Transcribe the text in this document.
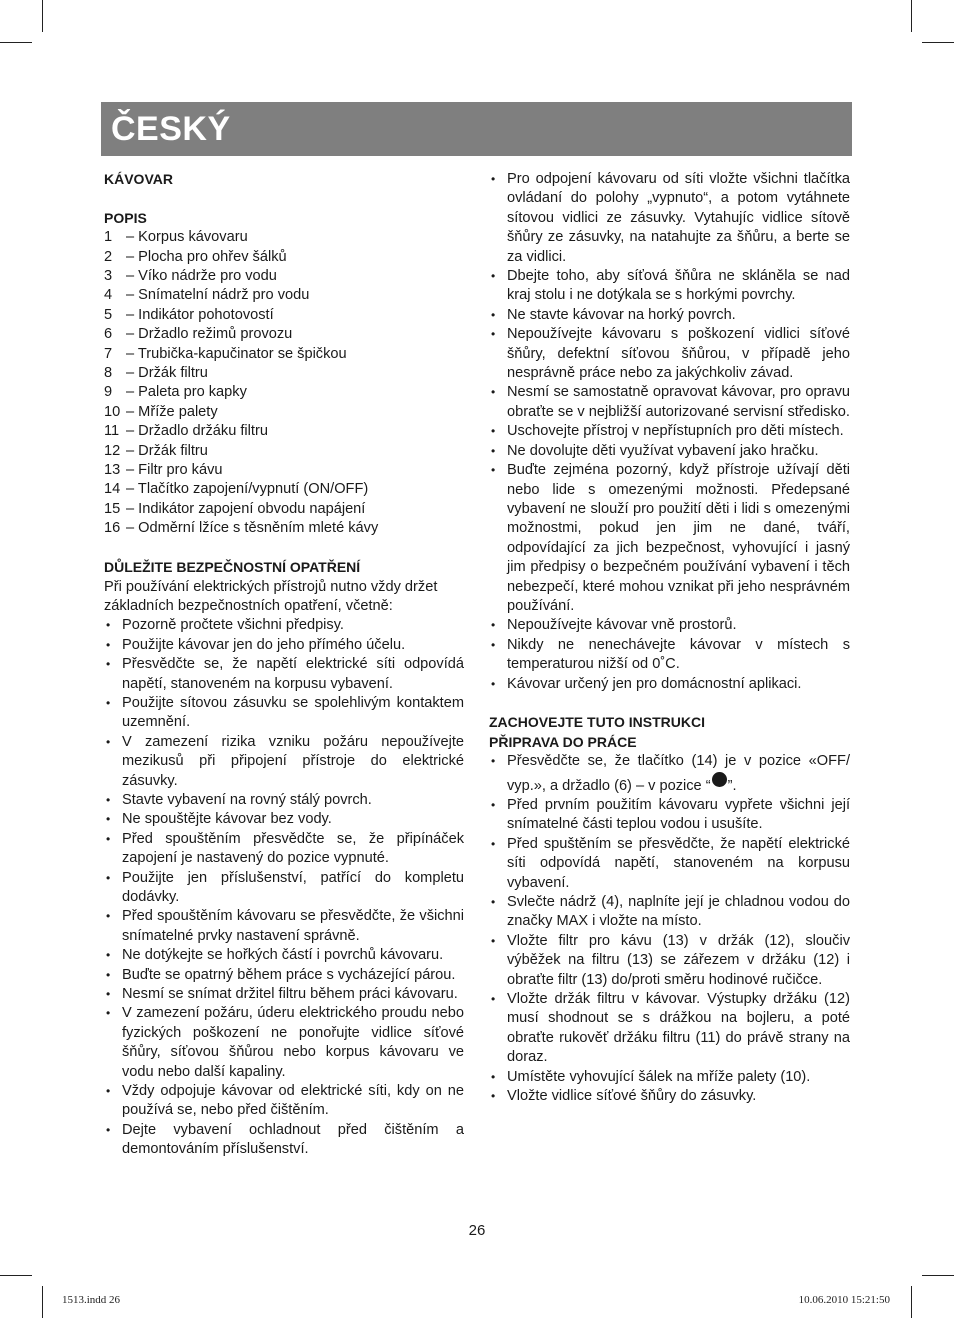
ČESKÝ

KÁVOVAR

POPIS

1 – Korpus kávovaru
2 – Plocha pro ohřev šálků
3 – Víko nádrže pro vodu
4 – Snímatelní nádrž pro vodu
5 – Indikátor pohotovostí
6 – Držadlo režimů provozu
7 – Trubička-kapučinator se špičkou
8 – Držák filtru
9 – Paleta pro kapky
10 – Mříže palety
11 – Držadlo držáku filtru
12 – Držák filtru
13 – Filtr pro kávu
14 – Tlačítko zapojení/vypnutí (ON/OFF)
15 – Indikátor zapojení obvodu napájení
16 – Odměrní lžíce s těsněním mleté kávy

DŮLEŽITE BEZPEČNOSTNÍ OPATŘENÍ

Při používání elektrických přístrojů nutno vždy držet základních bezpečnostních opatření, včetně:

• Pozorně pročtete všichni předpisy.
• Použijte kávovar jen do jeho přímého účelu.
• Přesvědčte se, že napětí elektrické síti odpovídá napětí, stanoveném na korpusu vybavení.
• Použijte sítovou zásuvku se spolehlivým kontaktem uzemnění.
• V zamezení rizika vzniku požáru nepoužívejte mezikusů při připojení přístroje do elektrické zásuvky.
• Stavte vybavení na rovný stálý povrch.
• Ne spouštějte kávovar bez vody.
• Před spouštěním přesvědčte se, že připínáček zapojení je nastavený do pozice vypnuté.
• Použijte jen příslušenství, patřící do kompletu dodávky.
• Před spouštěním kávovaru se přesvědčte, že všichni snímatelné prvky nastavení správně.
• Ne dotýkejte se hořkých částí i povrchů kávovaru.
• Buďte se opatrný během práce s vycházející párou.
• Nesmí se snímat držitel filtru během práci kávovaru.
• V zamezení požáru, úderu elektrického proudu nebo fyzických poškození ne ponořujte vidlice síťové šňůry, síťovou šňůrou nebo korpus kávovaru ve vodu nebo další kapaliny.
• Vždy odpojuje kávovar od elektrické síti, kdy on ne používá se, nebo před čištěním.
• Dejte vybavení ochladnout před čištěním a demontováním příslušenství.
• Pro odpojení kávovaru od síti vložte všichni tlačítka ovládaní do polohy „vypnuto“, a potom vytáhnete sítovou vidlici ze zásuvky. Vytahujíc vidlice sítově šňůry ze zásuvky, na natahujte za šňůru, a berte se za vidlici.
• Dbejte toho, aby síťová šňůra ne skláněla se nad kraj stolu i ne dotýkala se s horkými povrchy.
• Ne stavte kávovar na horký povrch.
• Nepoužívejte kávovaru s poškození vidlici síťové šňůry, defektní síťovou šňůrou, v případě jeho nesprávně práce nebo za jakýchkoliv závad.
• Nesmí se samostatně opravovat kávovar, pro opravu obraťte se v nejbližší autorizované servisní středisko.
• Uschovejte přístroj v nepřístupních pro děti místech.
• Ne dovolujte děti využívat vybavení jako hračku.
• Buďte zejména pozorný, když přístroje užívají děti nebo lide s omezenými možnosti. Předepsané vybavení ne slouží pro použití děti i lidi s omezenými možnostmi, pokud jen jim ne dané, tváří, odpovídající za jich bezpečnost, vyhovující i jasný jim předpisy o bezpečném používání vybavení i těch nebezpečí, které mohou vznikat při jeho nesprávném používání.
• Nepoužívejte kávovar vně prostorů.
• Nikdy ne nenechávejte kávovar v místech s temperaturou nižší od 0˚C.
• Kávovar určený jen pro domácnostní aplikaci.

ZACHOVEJTE TUTO INSTRUKCI

PŘIPRAVA DO PRÁCE

• Přesvědčte se, že tlačítko (14) je v pozice «OFF/ vyp.», a držadlo (6) – v pozice “ ”.
• Před prvním použitím kávovaru vypřete všichni její snímatelné části teplou vodou i usušíte.
• Před spuštěním se přesvědčte, že napětí elektrické síti odpovídá napětí, stanoveném na korpusu vybavení.
• Svlečte nádrž (4), naplníte její je chladnou vodou do značky MAX i vložte na místo.
• Vložte filtr pro kávu (13) v držák (12), sloučiv výběžek na filtru (13) se zářezem v držáku (12) i obraťte filtr (13) do/proti směru hodinové ručičce.
• Vložte držák filtru v kávovar. Výstupky držáku (12) musí shodnout se s drážkou na bojleru, a poté obraťte rukověť držáku filtru (11) do právě strany na doraz.
• Umístěte vyhovující šálek na mříže palety (10).
• Vložte vidlice síťové šňůry do zásuvky.
26
1513.indd 26	10.06.2010 15:21:50
